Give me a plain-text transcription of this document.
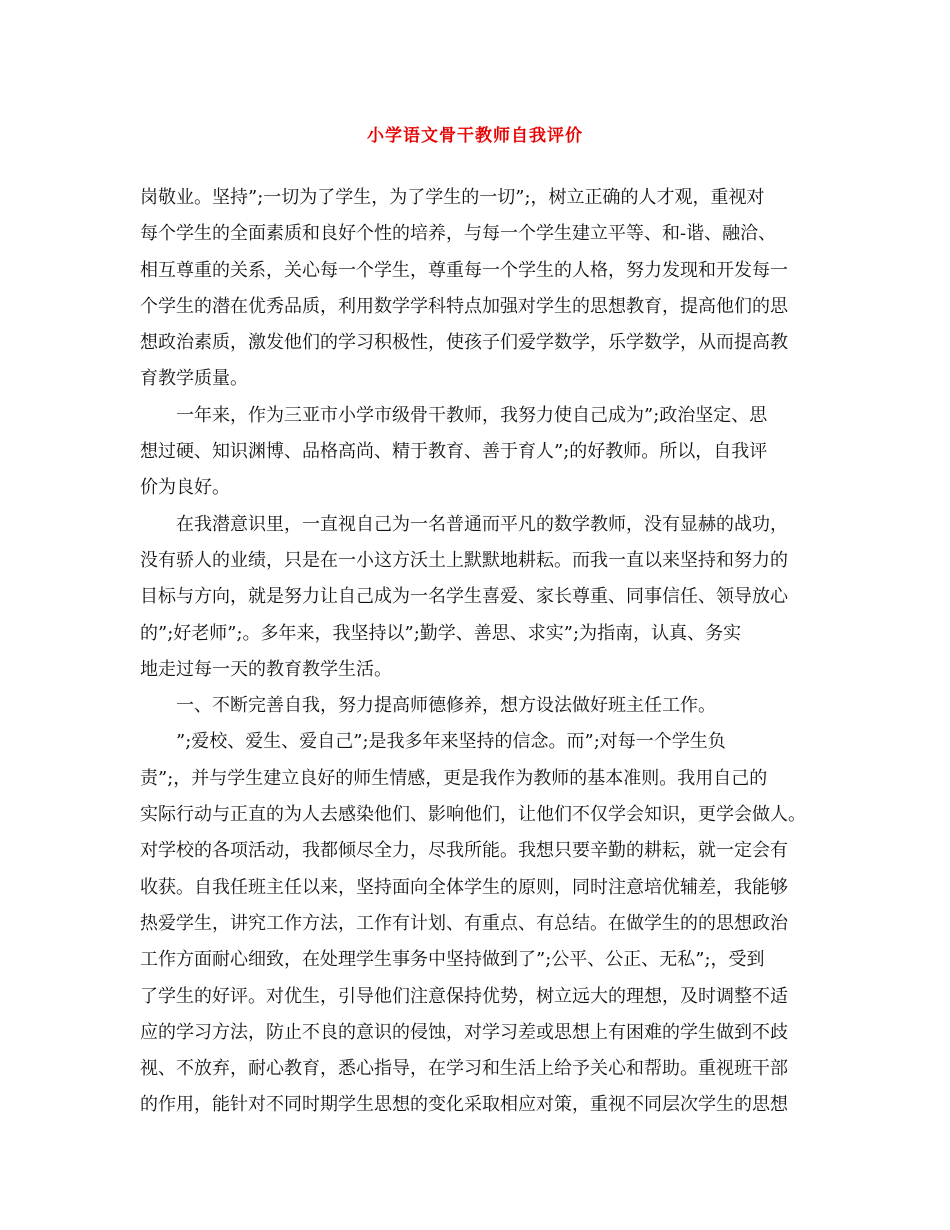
小学语文骨干教师自我评价
岗敬业。坚持”;一切为了学生，为了学生的一切”;，树立正确的人才观，重视对
每个学生的全面素质和良好个性的培养，与每一个学生建立平等、和-谐、融洽、
相互尊重的关系，关心每一个学生，尊重每一个学生的人格，努力发现和开发每一
个学生的潜在优秀品质，利用数学学科特点加强对学生的思想教育，提高他们的思
想政治素质，激发他们的学习积极性，使孩子们爱学数学，乐学数学，从而提高教
育教学质量。
一年来，作为三亚市小学市级骨干教师，我努力使自己成为”;政治坚定、思
想过硬、知识渊博、品格高尚、精于教育、善于育人”;的好教师。所以，自我评
价为良好。
在我潜意识里，一直视自己为一名普通而平凡的数学教师，没有显赫的战功，
没有骄人的业绩，只是在一小这方沃土上默默地耕耘。而我一直以来坚持和努力的
目标与方向，就是努力让自己成为一名学生喜爱、家长尊重、同事信任、领导放心
的”;好老师”;。多年来，我坚持以”;勤学、善思、求实”;为指南，认真、务实
地走过每一天的教育教学生活。
一、不断完善自我，努力提高师德修养，想方设法做好班主任工作。
”;爱校、爱生、爱自己”;是我多年来坚持的信念。而”;对每一个学生负
责”;，并与学生建立良好的师生情感，更是我作为教师的基本准则。我用自己的
实际行动与正直的为人去感染他们、影响他们，让他们不仅学会知识，更学会做人。
对学校的各项活动，我都倾尽全力，尽我所能。我想只要辛勤的耕耘，就一定会有
收获。自我任班主任以来，坚持面向全体学生的原则，同时注意培优辅差，我能够
热爱学生，讲究工作方法，工作有计划、有重点、有总结。在做学生的的思想政治
工作方面耐心细致，在处理学生事务中坚持做到了”;公平、公正、无私”;，受到
了学生的好评。对优生，引导他们注意保持优势，树立远大的理想，及时调整不适
应的学习方法，防止不良的意识的侵蚀，对学习差或思想上有困难的学生做到不歧
视、不放弃，耐心教育，悉心指导，在学习和生活上给予关心和帮助。重视班干部
的作用，能针对不同时期学生思想的变化采取相应对策，重视不同层次学生的思想
